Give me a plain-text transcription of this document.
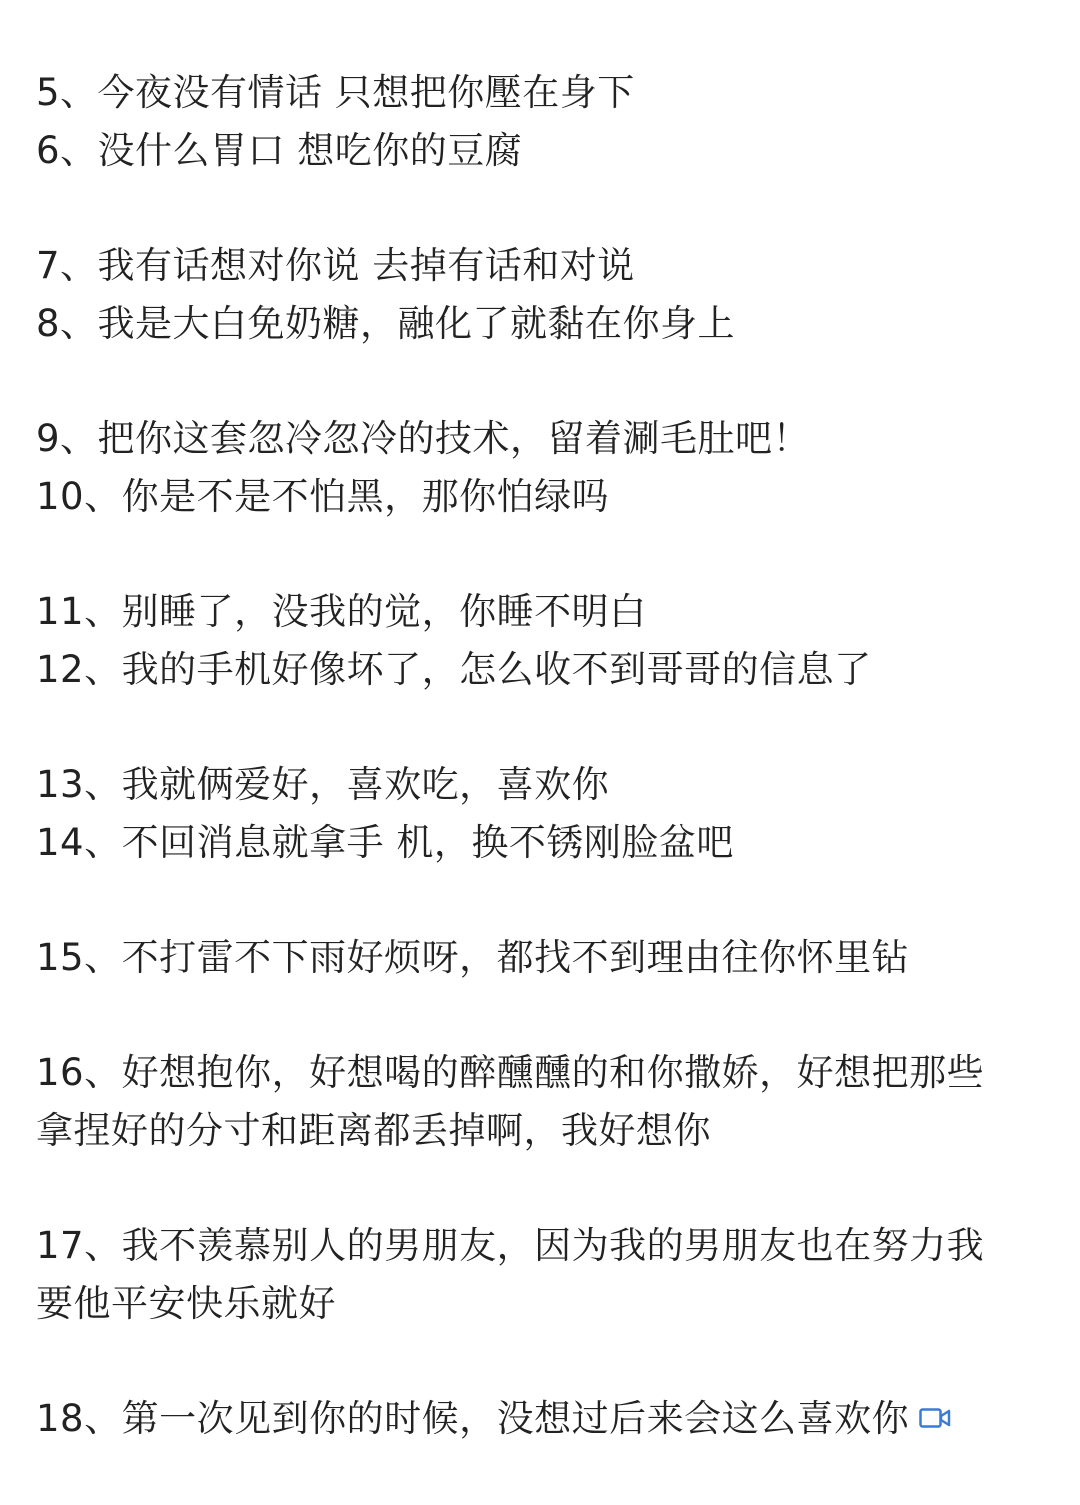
5、今夜没有情话 只想把你壓在身下
6、没什么胃口 想吃你的豆腐
7、我有话想对你说 去掉有话和对说
8、我是大白免奶糖，融化了就黏在你身上
9、把你这套忽冷忽冷的技术，留着涮毛肚吧！
10、你是不是不怕黑，那你怕绿吗
11、别睡了，没我的觉，你睡不明白
12、我的手机好像坏了，怎么收不到哥哥的信息了
13、我就俩爱好，喜欢吃，喜欢你
14、不回消息就拿手 机，换不锈刚脸盆吧
15、不打雷不下雨好烦呀，都找不到理由往你怀里钻
16、好想抱你，好想喝的醉醺醺的和你撒娇，好想把那些
拿捏好的分寸和距离都丢掉啊，我好想你
17、我不羡慕别人的男朋友，因为我的男朋友也在努力我
要他平安快乐就好
18、第一次见到你的时候，没想过后来会这么喜欢你
